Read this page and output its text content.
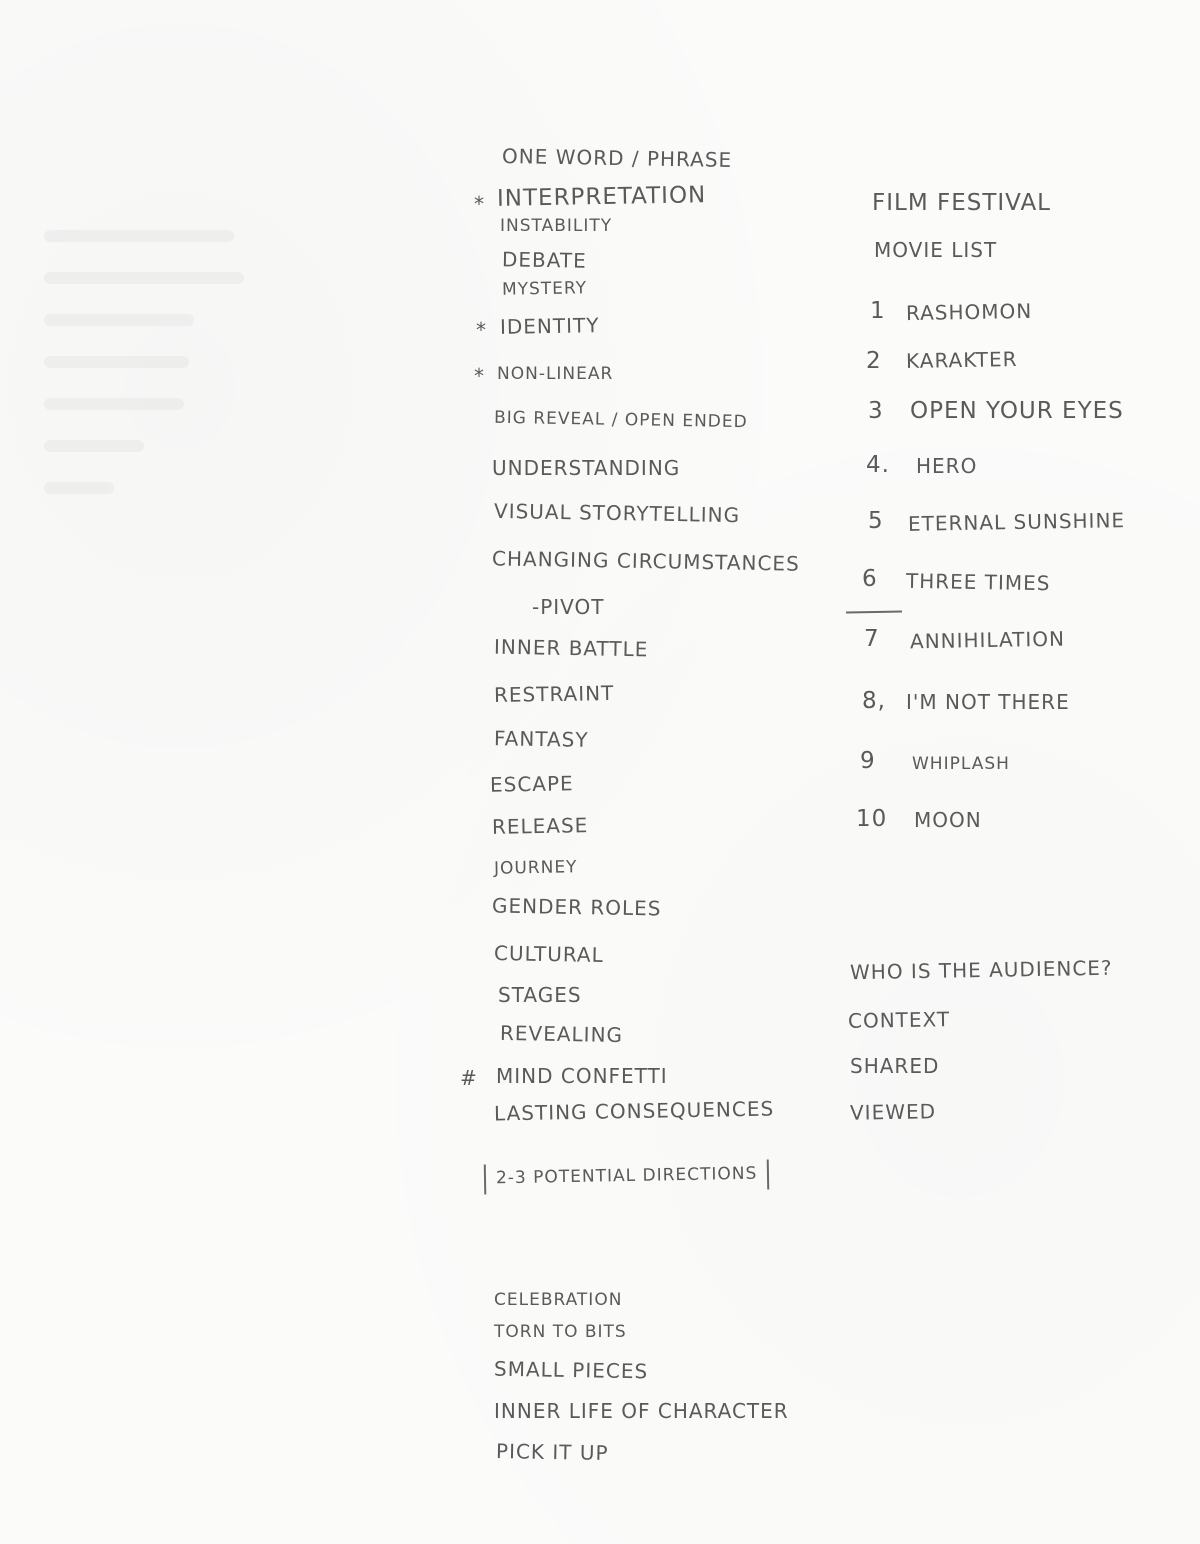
ONE WORD / PHRASE
* INTERPRETATION
INSTABILITY
DEBATE
MYSTERY
* IDENTITY
* NON-LINEAR
BIG REVEAL / OPEN ENDED
UNDERSTANDING
VISUAL STORYTELLING
CHANGING CIRCUMSTANCES
-PIVOT
INNER BATTLE
RESTRAINT
FANTASY
ESCAPE
RELEASE
JOURNEY
GENDER ROLES
CULTURAL
STAGES
REVEALING
# MIND CONFETTI
LASTING CONSEQUENCES
2-3 POTENTIAL DIRECTIONS
CELEBRATION
TORN TO BITS
SMALL PIECES
INNER LIFE OF CHARACTER
PICK IT UP
FILM FESTIVAL
MOVIE LIST
1 RASHOMON
2 KARAKTER
3 OPEN YOUR EYES
4. HERO
5 ETERNAL SUNSHINE
6 THREE TIMES
7 ANNIHILATION
8, I'M NOT THERE
9 WHIPLASH
10 MOON
WHO IS THE AUDIENCE?
CONTEXT
SHARED
VIEWED
